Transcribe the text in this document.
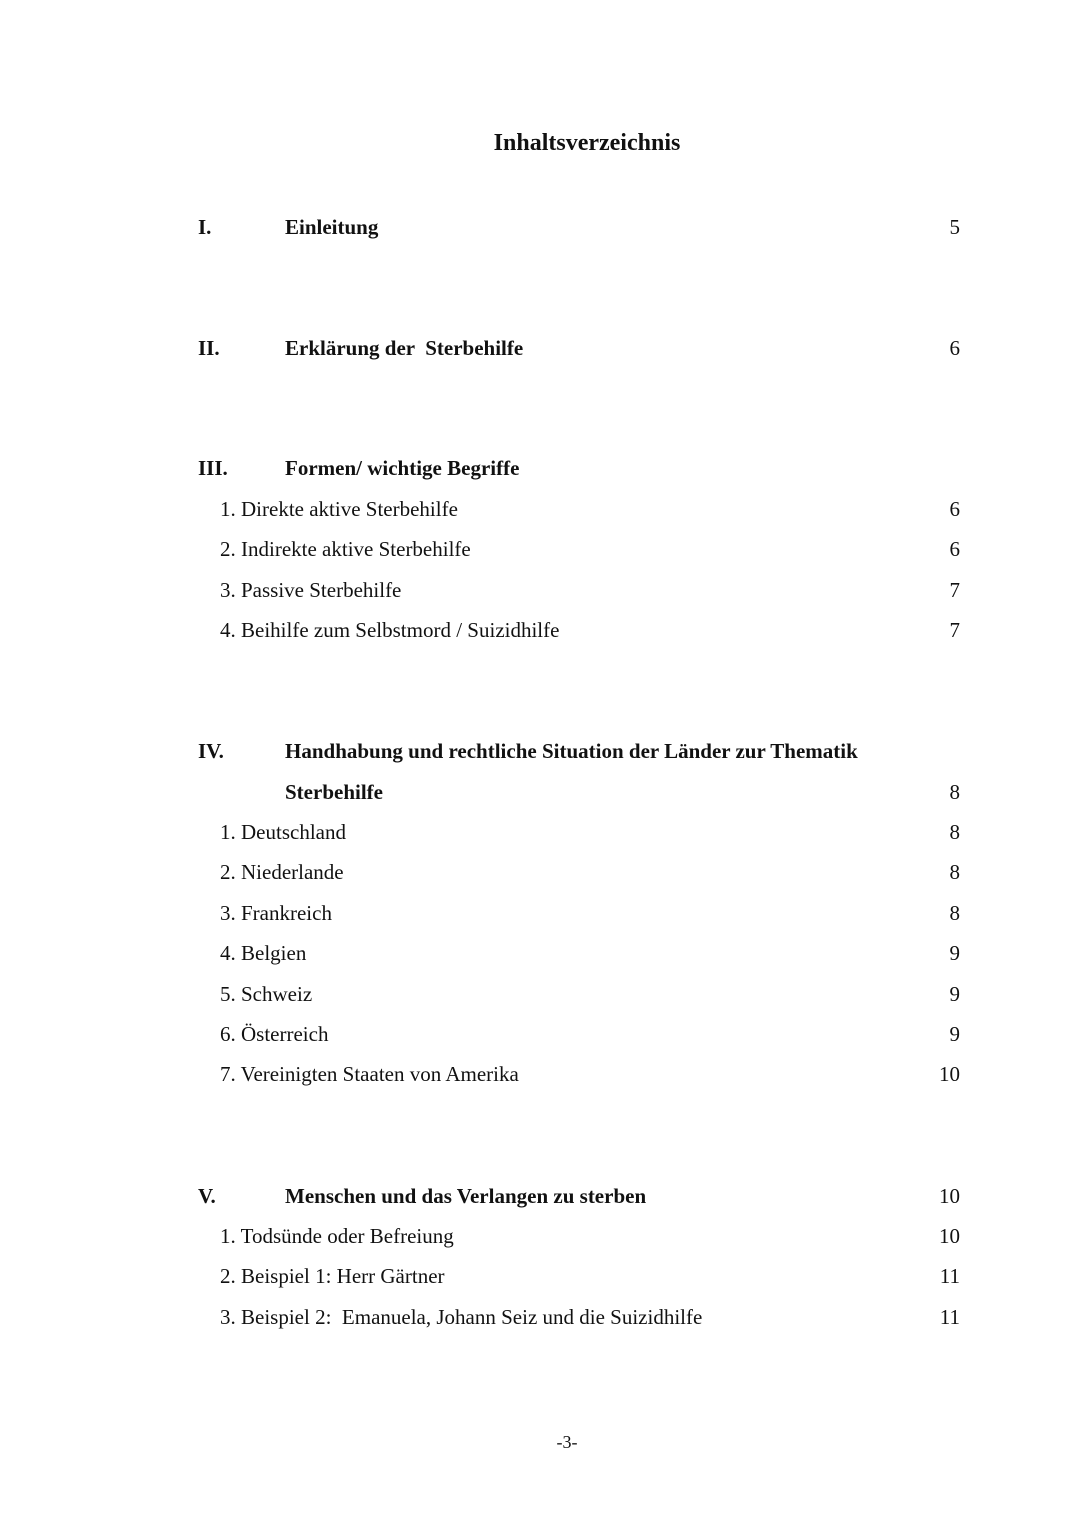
Inhaltsverzeichnis
I.	Einleitung	5
II.	Erklärung der  Sterbehilfe	6
III.	Formen/ wichtige Begriffe
1. Direkte aktive Sterbehilfe	6
2. Indirekte aktive Sterbehilfe	6
3. Passive Sterbehilfe	7
4. Beihilfe zum Selbstmord / Suizidhilfe	7
IV.	Handhabung und rechtliche Situation der Länder zur Thematik
Sterbehilfe	8
1. Deutschland	8
2. Niederlande	8
3. Frankreich	8
4. Belgien	9
5. Schweiz	9
6. Österreich	9
7. Vereinigten Staaten von Amerika	10
V.	Menschen und das Verlangen zu sterben	10
1. Todsünde oder Befreiung	10
2. Beispiel 1: Herr Gärtner	11
3. Beispiel 2:  Emanuela, Johann Seiz und die Suizidhilfe	11
-3-
